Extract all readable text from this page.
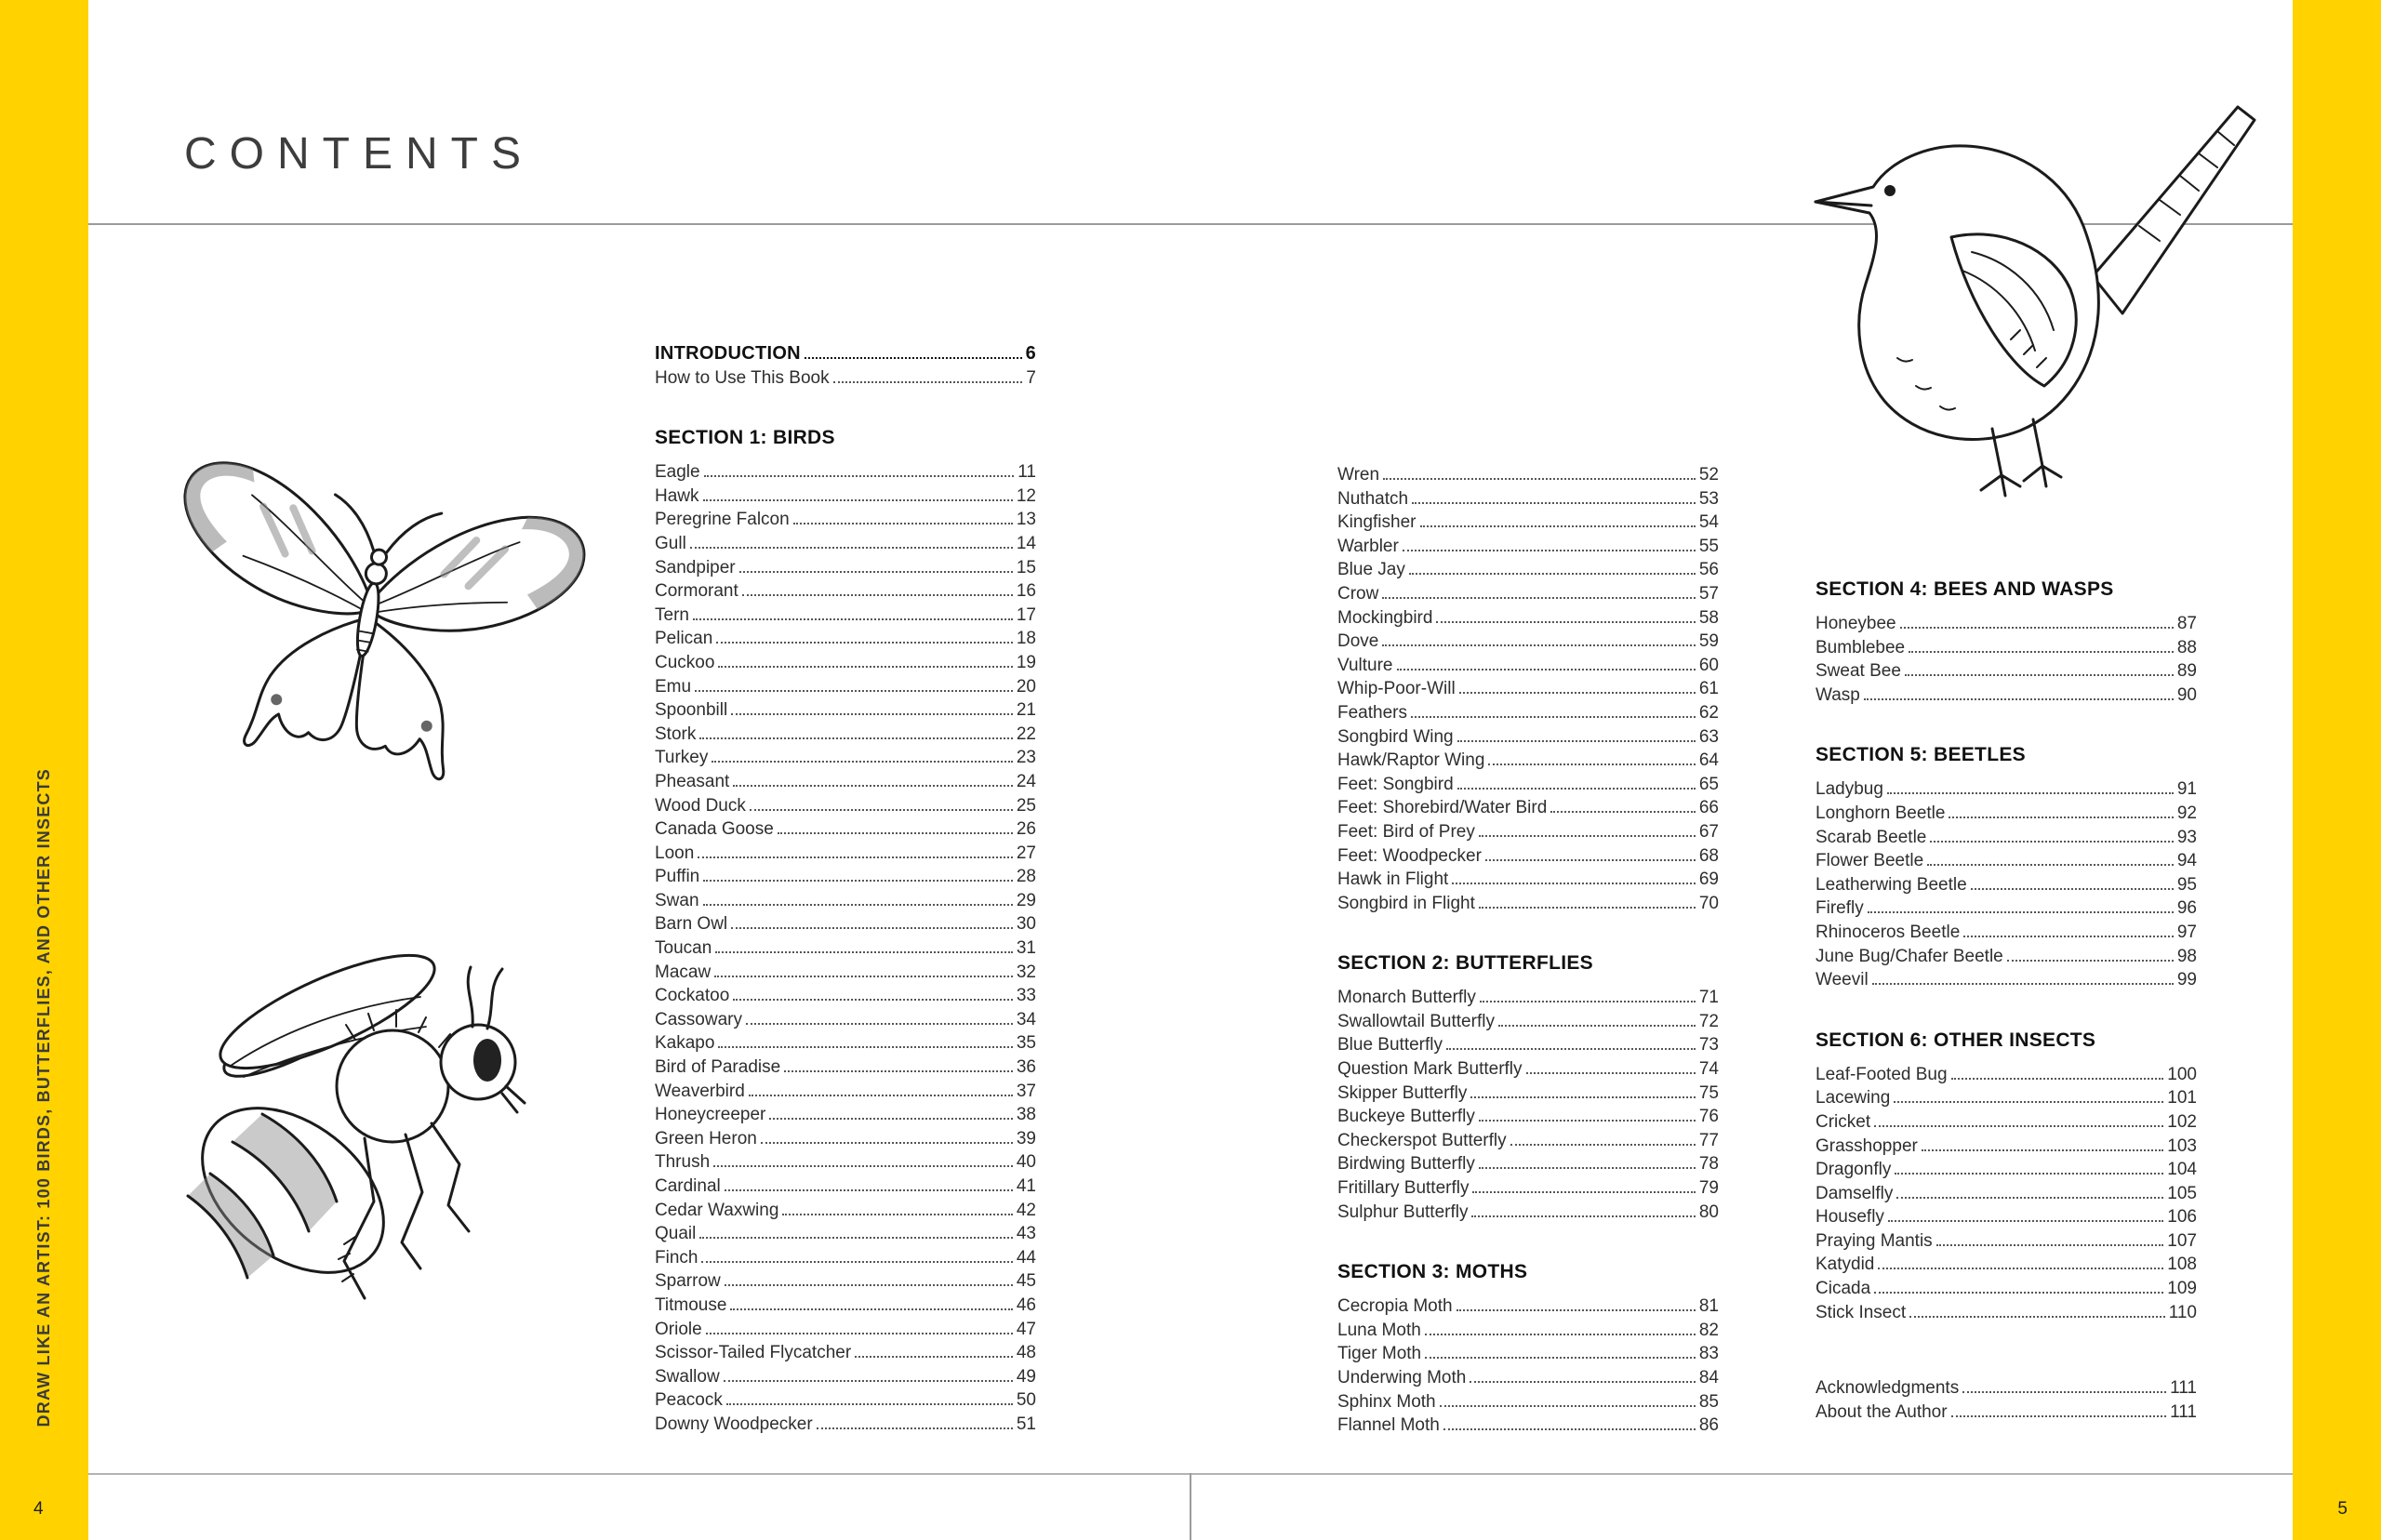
CONTENTS
DRAW LIKE AN ARTIST: 100 BIRDS, BUTTERFLIES, AND OTHER INSECTS
4	5
INTRODUCTION	6
How to Use This Book	7
SECTION 1: BIRDS
Eagle	11
Hawk	12
Peregrine Falcon	13
Gull	14
Sandpiper	15
Cormorant	16
Tern	17
Pelican	18
Cuckoo	19
Emu	20
Spoonbill	21
Stork	22
Turkey	23
Pheasant	24
Wood Duck	25
Canada Goose	26
Loon	27
Puffin	28
Swan	29
Barn Owl	30
Toucan	31
Macaw	32
Cockatoo	33
Cassowary	34
Kakapo	35
Bird of Paradise	36
Weaverbird	37
Honeycreeper	38
Green Heron	39
Thrush	40
Cardinal	41
Cedar Waxwing	42
Quail	43
Finch	44
Sparrow	45
Titmouse	46
Oriole	47
Scissor-Tailed Flycatcher	48
Swallow	49
Peacock	50
Downy Woodpecker	51
Wren	52
Nuthatch	53
Kingfisher	54
Warbler	55
Blue Jay	56
Crow	57
Mockingbird	58
Dove	59
Vulture	60
Whip-Poor-Will	61
Feathers	62
Songbird Wing	63
Hawk/Raptor Wing	64
Feet: Songbird	65
Feet: Shorebird/Water Bird	66
Feet: Bird of Prey	67
Feet: Woodpecker	68
Hawk in Flight	69
Songbird in Flight	70
SECTION 2: BUTTERFLIES
Monarch Butterfly	71
Swallowtail Butterfly	72
Blue Butterfly	73
Question Mark Butterfly	74
Skipper Butterfly	75
Buckeye Butterfly	76
Checkerspot Butterfly	77
Birdwing Butterfly	78
Fritillary Butterfly	79
Sulphur Butterfly	80
SECTION 3: MOTHS
Cecropia Moth	81
Luna Moth	82
Tiger Moth	83
Underwing Moth	84
Sphinx Moth	85
Flannel Moth	86
SECTION 4: BEES AND WASPS
Honeybee	87
Bumblebee	88
Sweat Bee	89
Wasp	90
SECTION 5: BEETLES
Ladybug	91
Longhorn Beetle	92
Scarab Beetle	93
Flower Beetle	94
Leatherwing Beetle	95
Firefly	96
Rhinoceros Beetle	97
June Bug/Chafer Beetle	98
Weevil	99
SECTION 6: OTHER INSECTS
Leaf-Footed Bug	100
Lacewing	101
Cricket	102
Grasshopper	103
Dragonfly	104
Damselfly	105
Housefly	106
Praying Mantis	107
Katydid	108
Cicada	109
Stick Insect	110
Acknowledgments	111
About the Author	111
